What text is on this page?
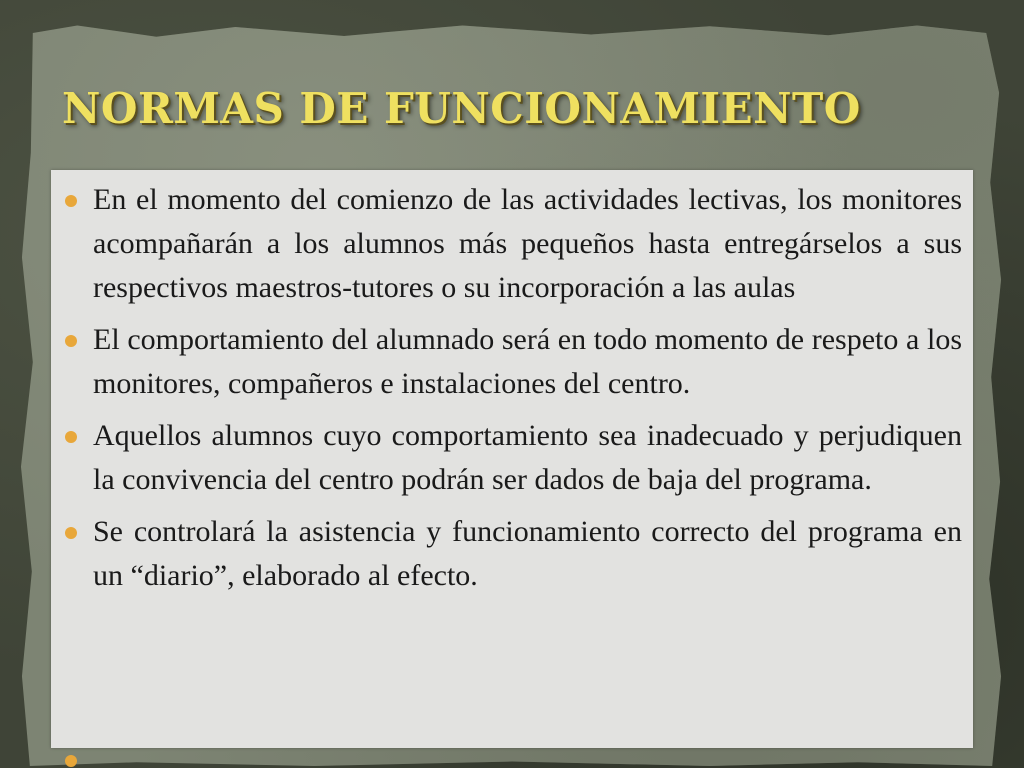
NORMAS DE FUNCIONAMIENTO
En el momento del comienzo de las actividades lectivas, los monitores acompañarán a los alumnos más pequeños hasta entregárselos a sus respectivos maestros-tutores o su incorporación a las aulas
El comportamiento del alumnado será en todo momento de respeto a los monitores, compañeros e instalaciones del centro.
Aquellos alumnos cuyo comportamiento sea inadecuado y perjudiquen la convivencia del centro podrán ser dados de baja del programa.
Se controlará la asistencia y funcionamiento correcto del programa en un “diario”, elaborado al efecto.
